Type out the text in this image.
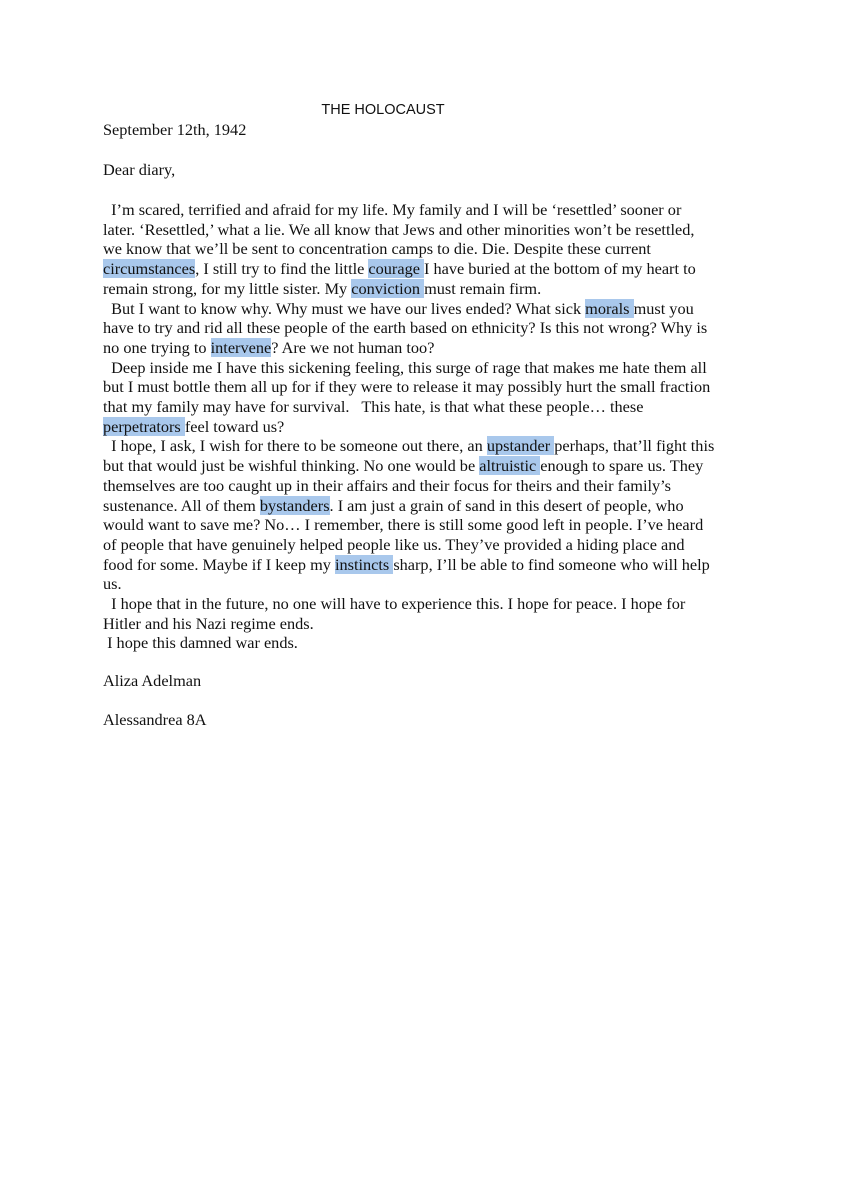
THE HOLOCAUST
September 12th, 1942
Dear diary,
I’m scared, terrified and afraid for my life. My family and I will be ‘resettled’ sooner or
later. ‘Resettled,’ what a lie. We all know that Jews and other minorities won’t be resettled,
we know that we’ll be sent to concentration camps to die. Die. Despite these current
circumstances, I still try to find the little courage I have buried at the bottom of my heart to
remain strong, for my little sister. My conviction must remain firm.
But I want to know why. Why must we have our lives ended? What sick morals must you
have to try and rid all these people of the earth based on ethnicity? Is this not wrong? Why is
no one trying to intervene? Are we not human too?
Deep inside me I have this sickening feeling, this surge of rage that makes me hate them all
but I must bottle them all up for if they were to release it may possibly hurt the small fraction
that my family may have for survival.   This hate, is that what these people… these
perpetrators feel toward us?
I hope, I ask, I wish for there to be someone out there, an upstander perhaps, that’ll fight this
but that would just be wishful thinking. No one would be altruistic enough to spare us. They
themselves are too caught up in their affairs and their focus for theirs and their family’s
sustenance. All of them bystanders. I am just a grain of sand in this desert of people, who
would want to save me? No… I remember, there is still some good left in people. I’ve heard
of people that have genuinely helped people like us. They’ve provided a hiding place and
food for some. Maybe if I keep my instincts sharp, I’ll be able to find someone who will help
us.
I hope that in the future, no one will have to experience this. I hope for peace. I hope for
Hitler and his Nazi regime ends.
I hope this damned war ends.
Aliza Adelman
Alessandrea 8A
